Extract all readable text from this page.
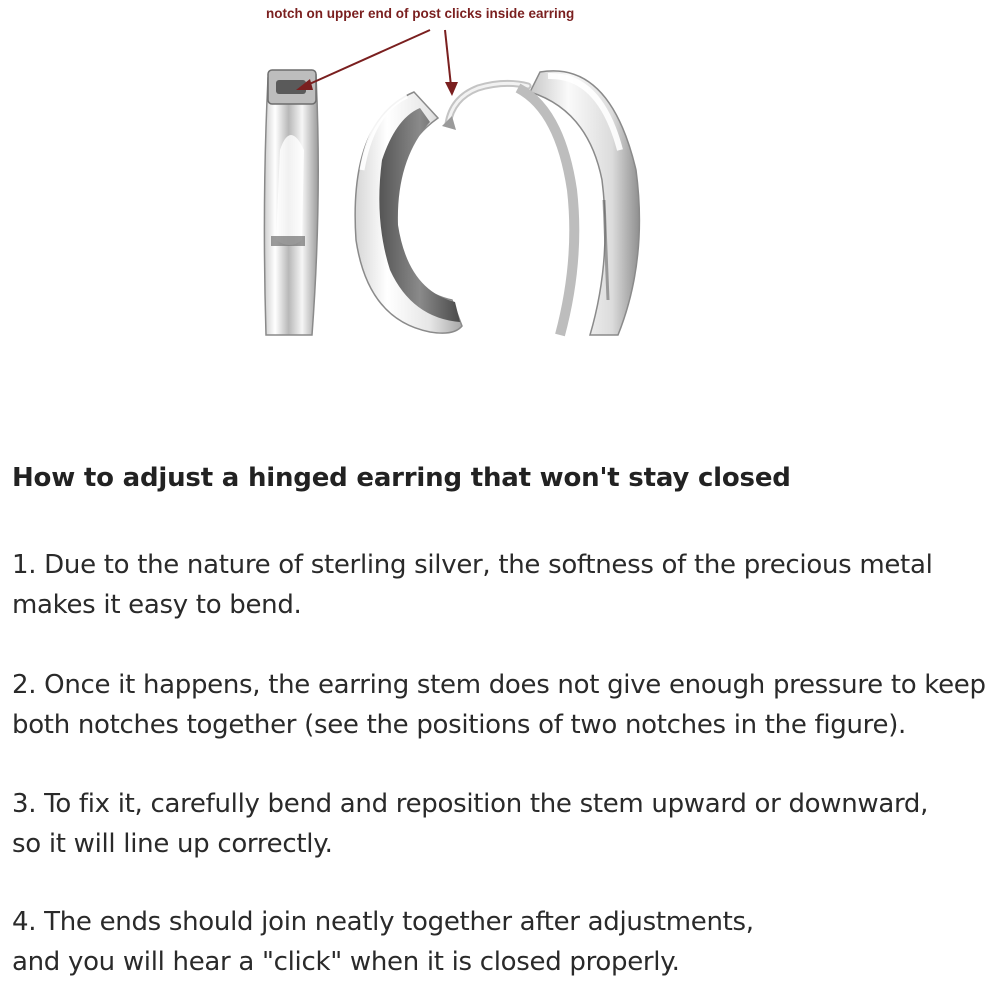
notch on upper end of post clicks inside earring
How to adjust a hinged earring that won't stay closed
1. Due to the nature of sterling silver, the softness of the precious metal
makes it easy to bend.
2. Once it happens, the earring stem does not give enough pressure to keep
both notches together (see the positions of two notches in the figure).
3. To fix it, carefully bend and reposition the stem upward or downward,
so it will line up correctly.
4. The ends should join neatly together after adjustments,
and you will hear a "click" when it is closed properly.
